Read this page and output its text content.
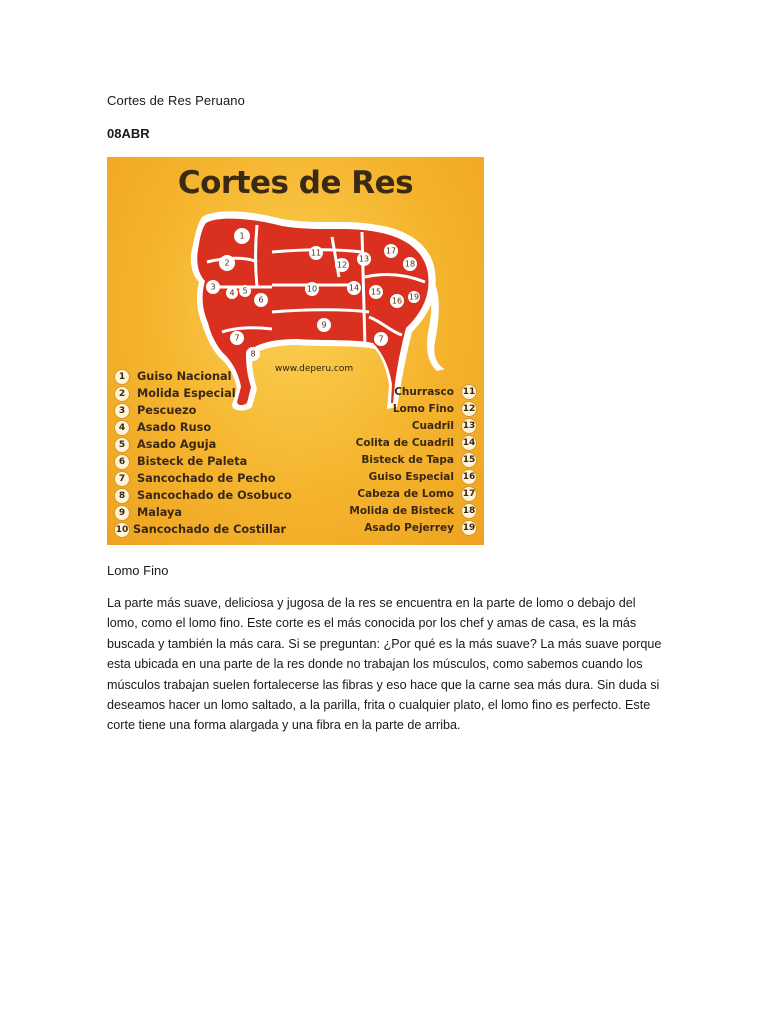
Cortes de Res Peruano
08ABR
1
2
3
4 5
6
7
8
9
10
11
12
13
14 15
16
17
18
19
7
Cortes de Res
www.deperu.com
1	Guiso Nacional
2	Molida Especial
3	Pescuezo
4	Asado Ruso
5	Asado Aguja
6	Bisteck de Paleta
7	Sancochado de Pecho
8	Sancochado de Osobuco
9	Malaya
10 Sancochado de Costillar
Churrasco 11
Lomo Fino 12
Cuadril 13
Colita de Cuadril 14
Bisteck de Tapa 15
Guiso Especial 16
Cabeza de Lomo 17
Molida de Bisteck 18
Asado Pejerrey 19
Lomo Fino
La parte más suave, deliciosa y jugosa de la res se encuentra en la parte de lomo o debajo del lomo, como el lomo fino. Este corte es el más conocida por los chef y amas de casa, es la más buscada y también la más cara. Si se preguntan: ¿Por qué es la más suave? La más suave porque esta ubicada en una parte de la res donde no trabajan los músculos, como sabemos cuando los músculos trabajan suelen fortalecerse las fibras y eso hace que la carne sea más dura. Sin duda si deseamos hacer un lomo saltado, a la parilla, frita o cualquier plato, el lomo fino es perfecto. Este corte tiene una forma alargada y una fibra en la parte de arriba.
